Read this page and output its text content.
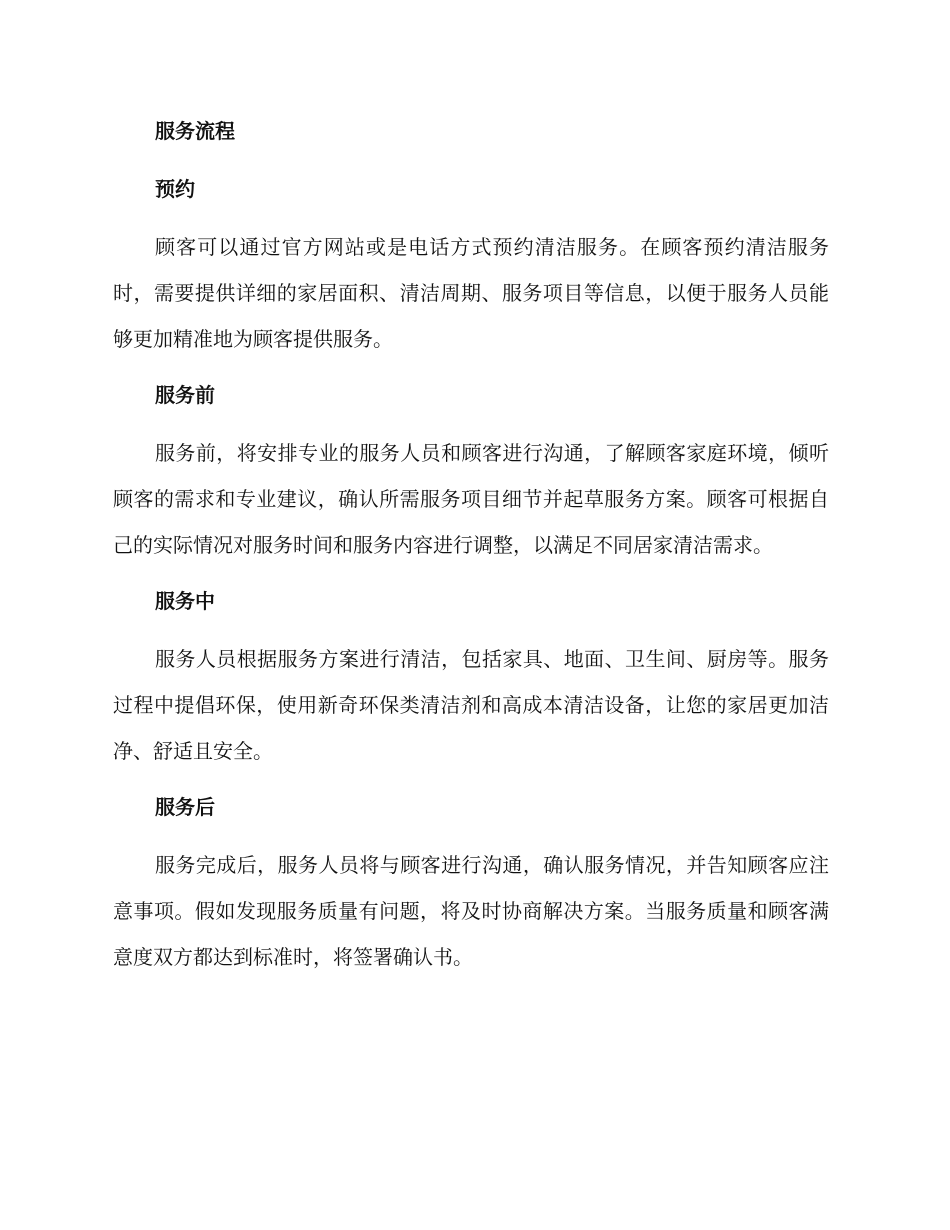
服务流程
预约

顾客可以通过官方网站或是电话方式预约清洁服务。在顾客预约清洁服务时，需要提供详细的家居面积、清洁周期、服务项目等信息，以便于服务人员能够更加精准地为顾客提供服务。

服务前

服务前，将安排专业的服务人员和顾客进行沟通，了解顾客家庭环境，倾听顾客的需求和专业建议，确认所需服务项目细节并起草服务方案。顾客可根据自己的实际情况对服务时间和服务内容进行调整，以满足不同居家清洁需求。

服务中

服务人员根据服务方案进行清洁，包括家具、地面、卫生间、厨房等。服务过程中提倡环保，使用新奇环保类清洁剂和高成本清洁设备，让您的家居更加洁净、舒适且安全。

服务后

服务完成后，服务人员将与顾客进行沟通，确认服务情况，并告知顾客应注意事项。假如发现服务质量有问题，将及时协商解决方案。当服务质量和顾客满意度双方都达到标准时，将签署确认书。
